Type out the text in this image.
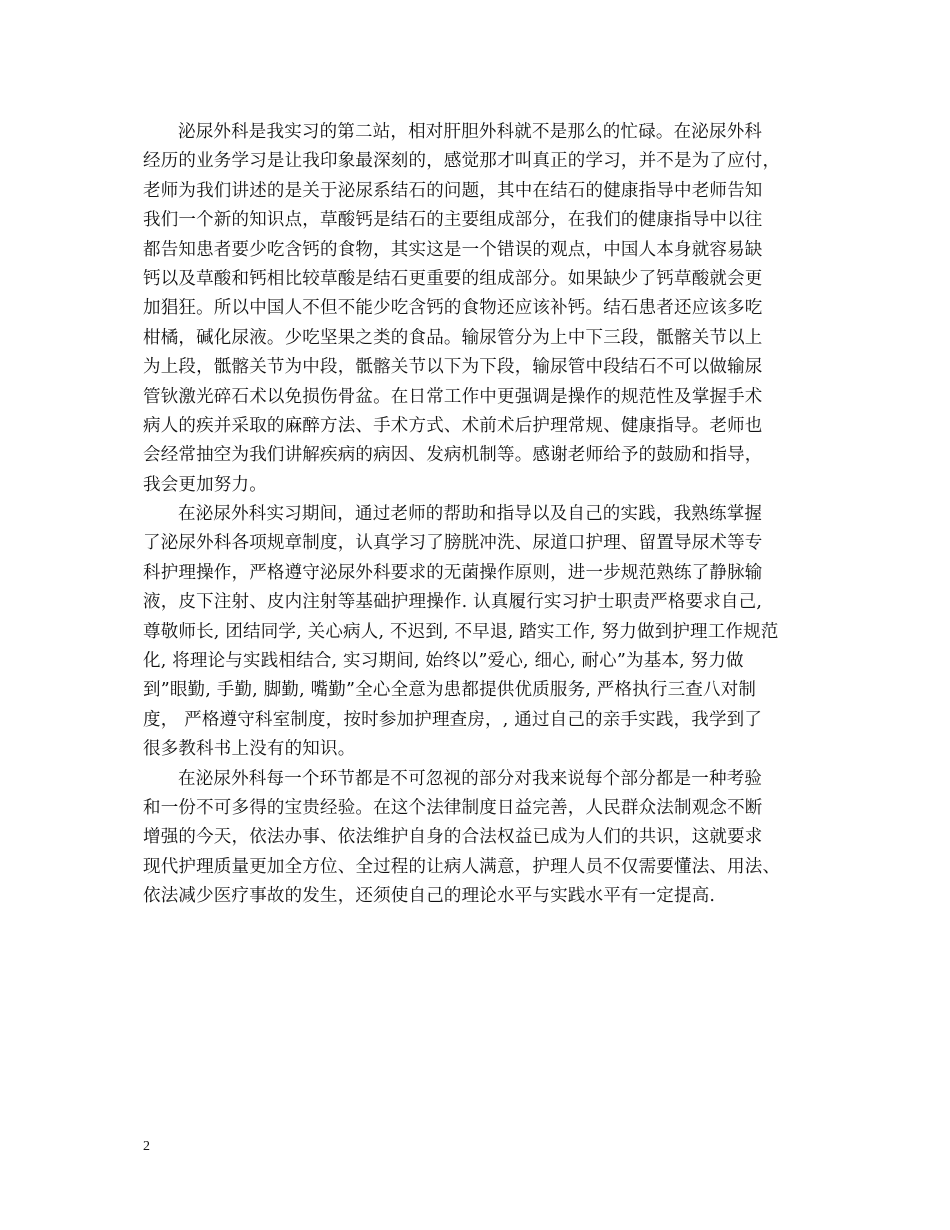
泌尿外科是我实习的第二站，相对肝胆外科就不是那么的忙碌。在泌尿外科
经历的业务学习是让我印象最深刻的，感觉那才叫真正的学习，并不是为了应付，
老师为我们讲述的是关于泌尿系结石的问题，其中在结石的健康指导中老师告知
我们一个新的知识点，草酸钙是结石的主要组成部分，在我们的健康指导中以往
都告知患者要少吃含钙的食物，其实这是一个错误的观点，中国人本身就容易缺
钙以及草酸和钙相比较草酸是结石更重要的组成部分。如果缺少了钙草酸就会更
加猖狂。所以中国人不但不能少吃含钙的食物还应该补钙。结石患者还应该多吃
柑橘，碱化尿液。少吃坚果之类的食品。输尿管分为上中下三段，骶髂关节以上
为上段，骶髂关节为中段，骶髂关节以下为下段，输尿管中段结石不可以做输尿
管钬激光碎石术以免损伤骨盆。在日常工作中更强调是操作的规范性及掌握手术
病人的疾并采取的麻醉方法、手术方式、术前术后护理常规、健康指导。老师也
会经常抽空为我们讲解疾病的病因、发病机制等。感谢老师给予的鼓励和指导，
我会更加努力。
在泌尿外科实习期间，通过老师的帮助和指导以及自己的实践，我熟练掌握
了泌尿外科各项规章制度，认真学习了膀胱冲洗、尿道口护理、留置导尿术等专
科护理操作，严格遵守泌尿外科要求的无菌操作原则，进一步规范熟练了静脉输
液，皮下注射、皮内注射等基础护理操作. 认真履行实习护士职责严格要求自己,
尊敬师长, 团结同学, 关心病人, 不迟到, 不早退, 踏实工作, 努力做到护理工作规范
化, 将理论与实践相结合, 实习期间, 始终以”爱心, 细心, 耐心”为基本, 努力做
到”眼勤, 手勤, 脚勤, 嘴勤”全心全意为患都提供优质服务, 严格执行三查八对制
度， 严格遵守科室制度，按时参加护理查房，, 通过自己的亲手实践，我学到了
很多教科书上没有的知识。
在泌尿外科每一个环节都是不可忽视的部分对我来说每个部分都是一种考验
和一份不可多得的宝贵经验。在这个法律制度日益完善，人民群众法制观念不断
增强的今天，依法办事、依法维护自身的合法权益已成为人们的共识，这就要求
现代护理质量更加全方位、全过程的让病人满意，护理人员不仅需要懂法、用法、
依法减少医疗事故的发生，还须使自己的理论水平与实践水平有一定提高.
2
